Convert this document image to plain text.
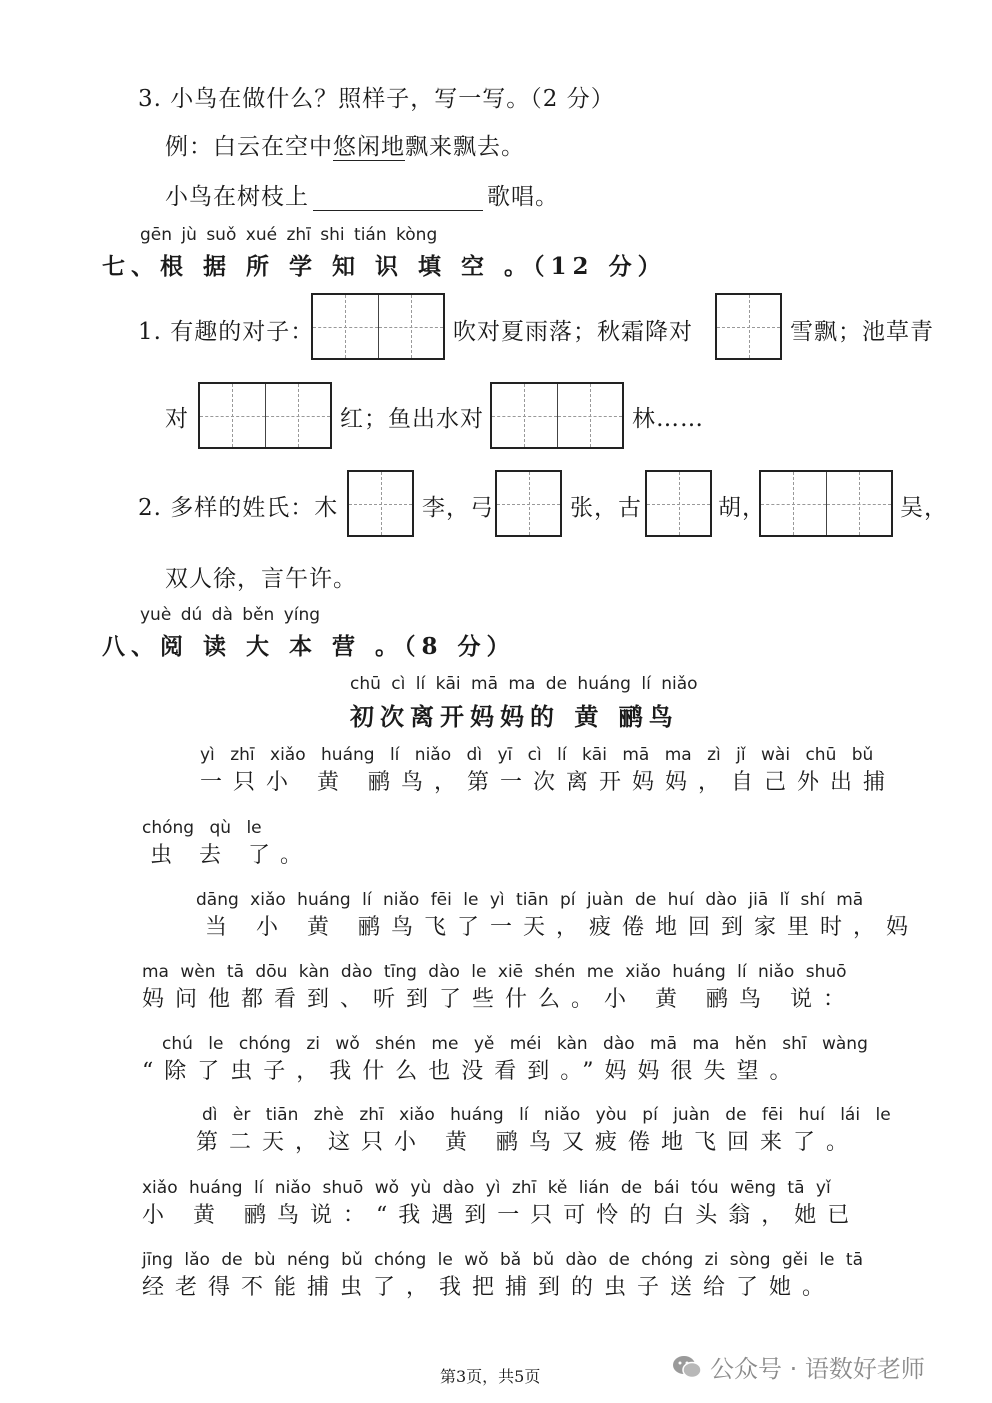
3. 小鸟在做什么？照样子，写一写。（2 分）
例：白云在空中悠闲地飘来飘去。
小鸟在树枝上	歌唱。
gēn jù suǒ xué zhī shi tián kòng
七、根 据 所 学 知 识 填 空 。（12 分）
1. 有趣的对子：	吹对夏雨落；秋霜降对	雪飘；池草青
对	红；鱼出水对	林……
2. 多样的姓氏：木	李，弓	张，古	胡，	吴，
双人徐，言午许。
yuè dú dà běn yíng
八、阅 读 大 本 营 。（8 分）
chū cì lí kāi mā ma de huáng lí niǎo
初次离开妈妈的 黄 鹂鸟
yì zhī xiǎo huáng lí niǎo dì yī cì lí kāi mā ma zì jǐ wài chū bǔ
一只小 黄 鹂鸟，第一次离开妈妈，自己外出捕
chóng qù le
虫 去 了。
dāng xiǎo huáng lí niǎo fēi le yì tiān pí juàn de huí dào jiā lǐ shí mā
当 小 黄 鹂鸟飞了一天，疲倦地回到家里时，妈
ma wèn tā dōu kàn dào tīng dào le xiē shén me xiǎo huáng lí niǎo shuō
妈问他都看到、听到了些什么。小 黄 鹂鸟 说：
chú le chóng zi wǒ shén me yě méi kàn dào mā ma hěn shī wàng
“除了虫子，我什么也没看到。”妈妈很失望。
dì èr tiān zhè zhī xiǎo huáng lí niǎo yòu pí juàn de fēi huí lái le
第二天，这只小 黄 鹂鸟又疲倦地飞回来了。
xiǎo huáng lí niǎo shuō wǒ yù dào yì zhī kě lián de bái tóu wēng tā yǐ
小 黄 鹂鸟说：“我遇到一只可怜的白头翁，她已
jīng lǎo de bù néng bǔ chóng le wǒ bǎ bǔ dào de chóng zi sòng gěi le tā
经老得不能捕虫了，我把捕到的虫子送给了她。
第3页，共5页	公众号 · 语数好老师
